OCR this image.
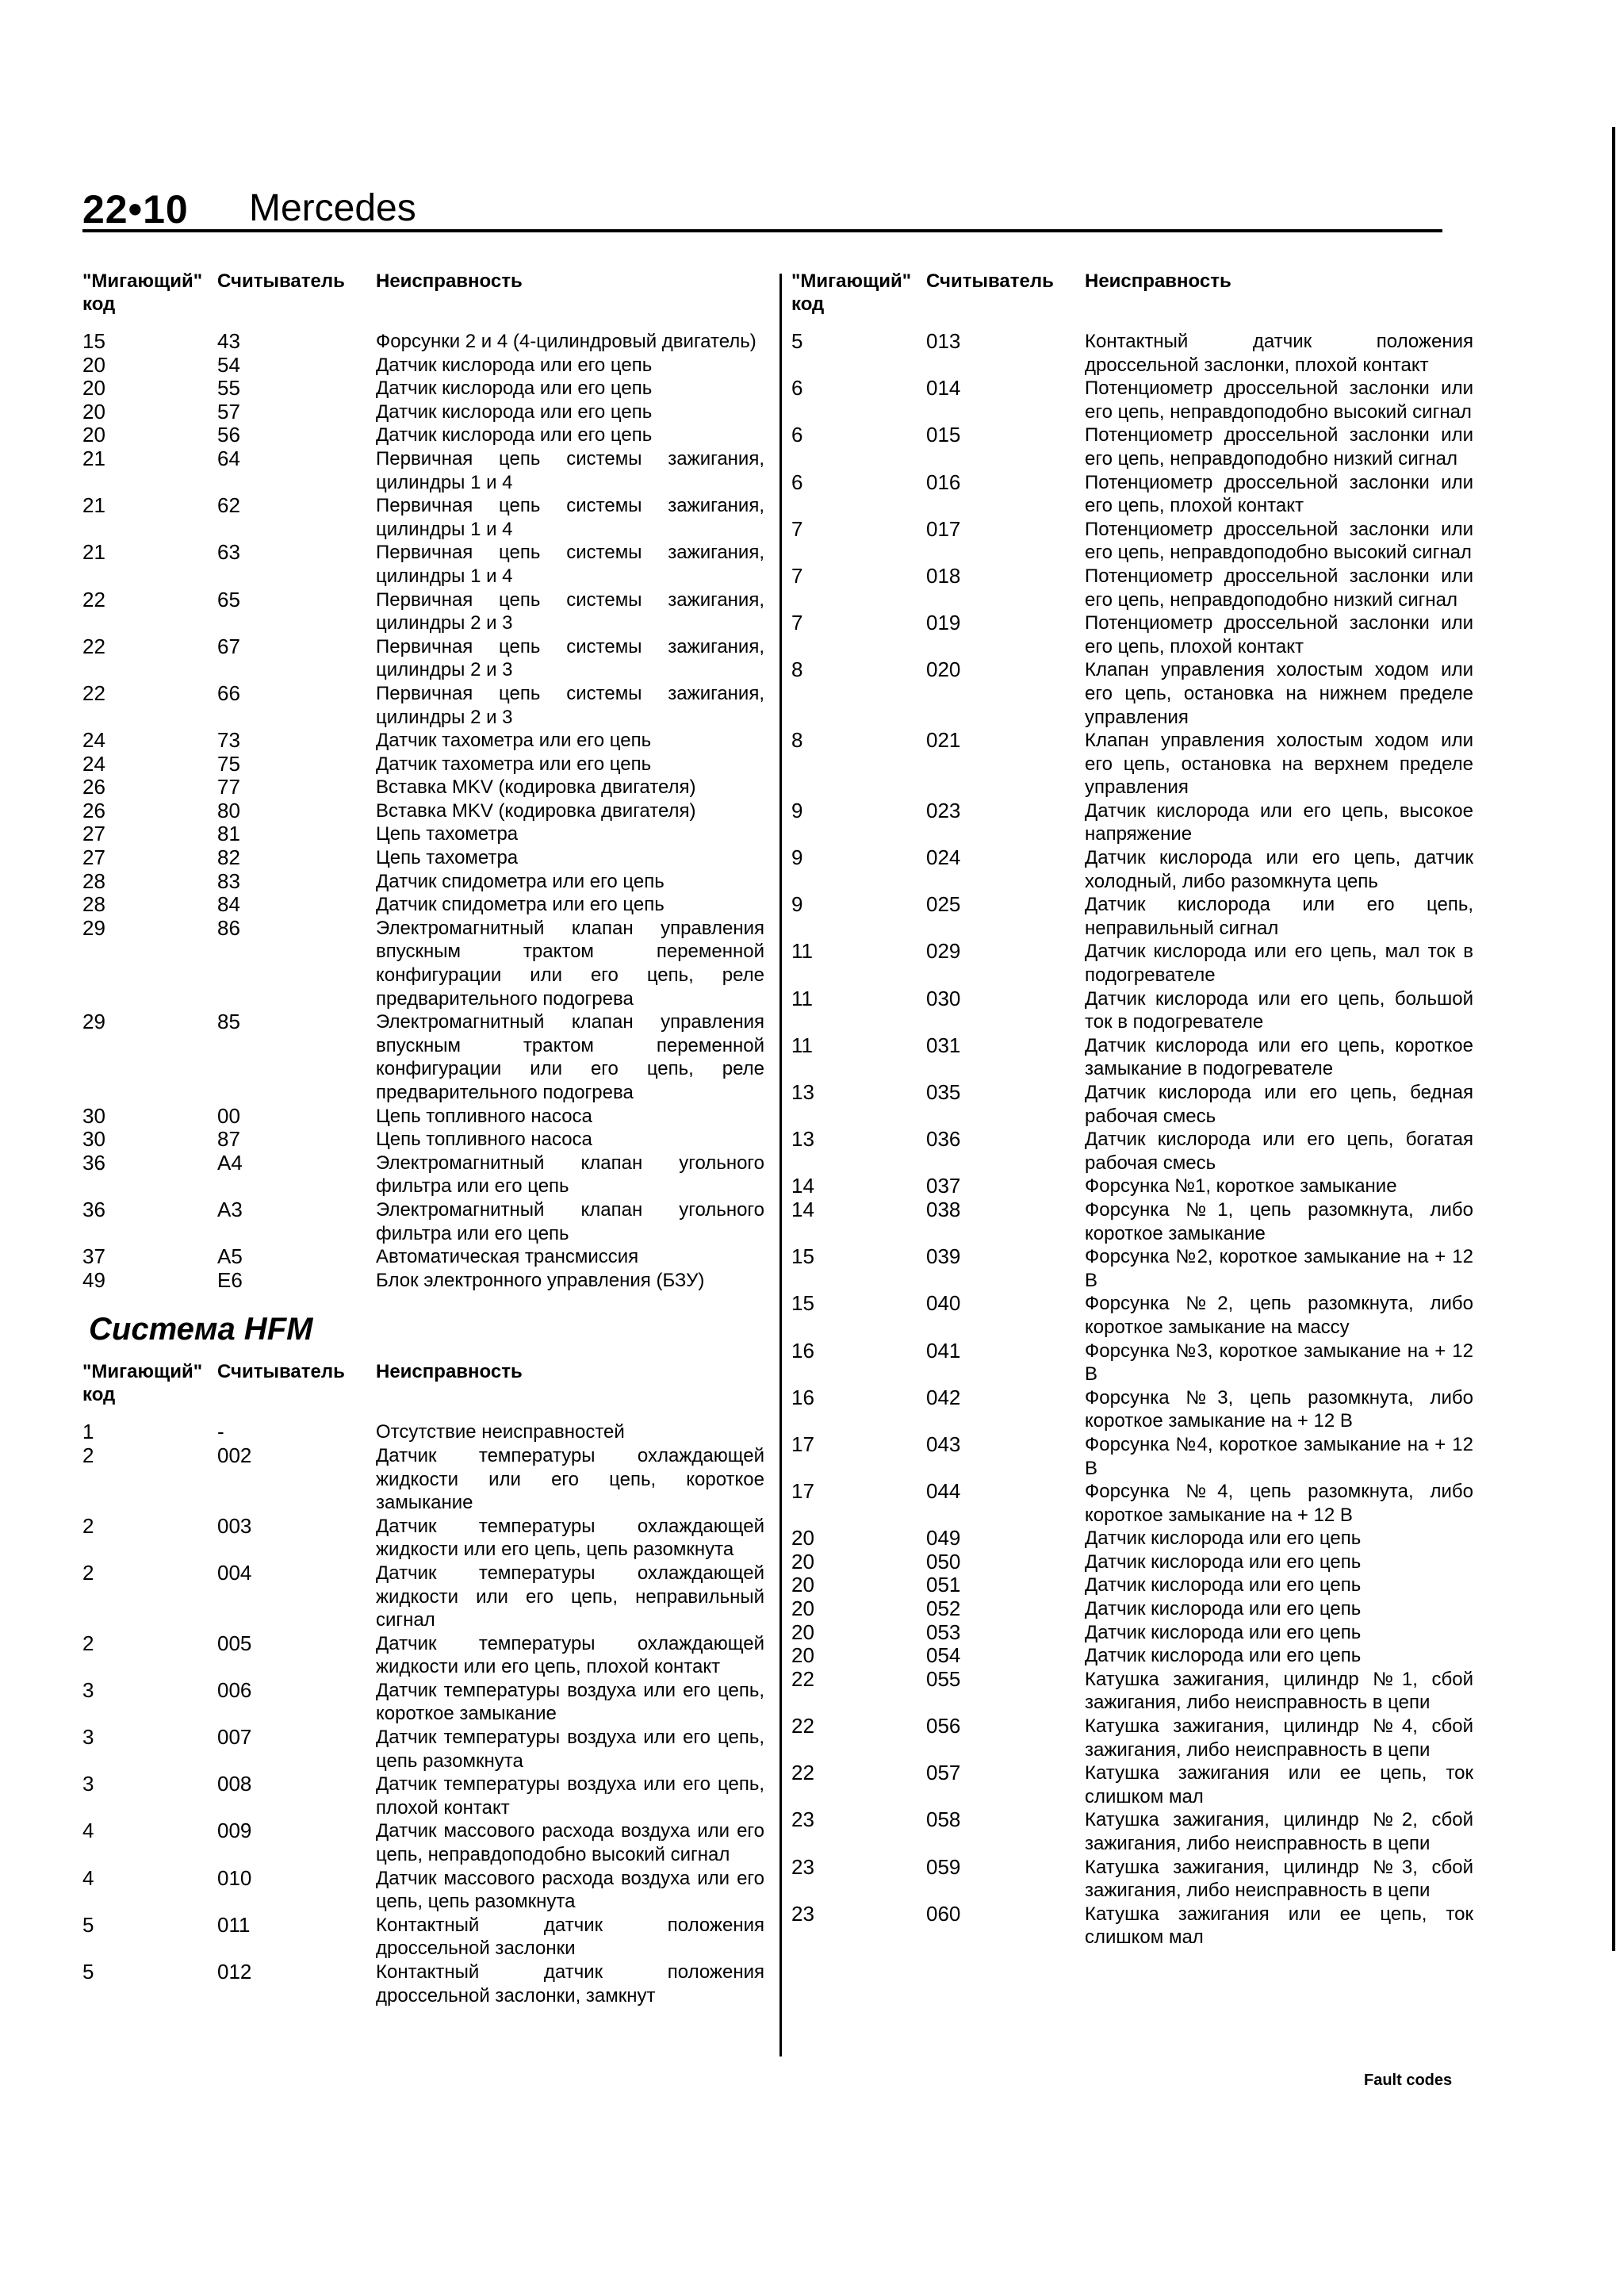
22•10 Mercedes
"Мигающий" код
Считыватель	Неисправность
15	43	Форсунки 2 и 4 (4-цилиндровый двигатель)
20	54	Датчик кислорода или его цепь
20	55	Датчик кислорода или его цепь
20	57	Датчик кислорода или его цепь
20	56	Датчик кислорода или его цепь
21	64	Первичная цепь системы зажигания, цилиндры 1 и 4
21	62	Первичная цепь системы зажигания, цилиндры 1 и 4
21	63	Первичная цепь системы зажигания, цилиндры 1 и 4
22	65	Первичная цепь системы зажигания, цилиндры 2 и 3
22	67	Первичная цепь системы зажигания, цилиндры 2 и 3
22	66	Первичная цепь системы зажигания, цилиндры 2 и 3
24	73	Датчик тахометра или его цепь
24	75	Датчик тахометра или его цепь
26	77	Вставка MKV (кодировка двигателя)
26	80	Вставка MKV (кодировка двигателя)
27	81	Цепь тахометра
27	82	Цепь тахометра
28	83	Датчик спидометра или его цепь
28	84	Датчик спидометра или его цепь
29	86	Электромагнитный клапан управления впускным трактом переменной конфигурации или его цепь, реле предварительного подогрева
29	85	Электромагнитный клапан управления впускным трактом переменной конфигурации или его цепь, реле предварительного подогрева
30	00	Цепь топливного насоса
30	87	Цепь топливного насоса
36	A4	Электромагнитный клапан угольного фильтра или его цепь
36	A3	Электромагнитный клапан угольного фильтра или его цепь
37	A5	Автоматическая трансмиссия
49	E6	Блок электронного управления (БЗУ)
Система HFM
"Мигающий" код
Считыватель	Неисправность
1	-	Отсутствие неисправностей
2	002	Датчик температуры охлаждающей жидкости или его цепь, короткое замыкание
2	003	Датчик температуры охлаждающей жидкости или его цепь, цепь разомкнута
2	004	Датчик температуры охлаждающей жидкости или его цепь, неправильный сигнал
2	005	Датчик температуры охлаждающей жидкости или его цепь, плохой контакт
3	006	Датчик температуры воздуха или его цепь, короткое замыкание
3	007	Датчик температуры воздуха или его цепь, цепь разомкнута
3	008	Датчик температуры воздуха или его цепь, плохой контакт
4	009	Датчик массового расхода воздуха или его цепь, неправдоподобно высокий сигнал
4	010	Датчик массового расхода воздуха или его цепь, цепь разомкнута
5	011	Контактный датчик положения дроссельной заслонки
5	012	Контактный датчик положения дроссельной заслонки, замкнут
"Мигающий" код
Считыватель	Неисправность
5	013	Контактный датчик положения дроссельной заслонки, плохой контакт
6	014	Потенциометр дроссельной заслонки или его цепь, неправдоподобно высокий сигнал
6	015	Потенциометр дроссельной заслонки или его цепь, неправдоподобно низкий сигнал
6	016	Потенциометр дроссельной заслонки или его цепь, плохой контакт
7	017	Потенциометр дроссельной заслонки или его цепь, неправдоподобно высокий сигнал
7	018	Потенциометр дроссельной заслонки или его цепь, неправдоподобно низкий сигнал
7	019	Потенциометр дроссельной заслонки или его цепь, плохой контакт
8	020	Клапан управления холостым ходом или его цепь, остановка на нижнем пределе управления
8	021	Клапан управления холостым ходом или его цепь, остановка на верхнем пределе управления
9	023	Датчик кислорода или его цепь, высокое напряжение
9	024	Датчик кислорода или его цепь, датчик холодный, либо разомкнута цепь
9	025	Датчик кислорода или его цепь, неправильный сигнал
11	029	Датчик кислорода или его цепь, мал ток в подогревателе
11	030	Датчик кислорода или его цепь, большой ток в подогревателе
11	031	Датчик кислорода или его цепь, короткое замыкание в подогревателе
13	035	Датчик кислорода или его цепь, бедная рабочая смесь
13	036	Датчик кислорода или его цепь, богатая рабочая смесь
14	037	Форсунка №1, короткое замыкание
14	038	Форсунка №1, цепь разомкнута, либо короткое замыкание
15	039	Форсунка №2, короткое замыкание на + 12 В
15	040	Форсунка №2, цепь разомкнута, либо короткое замыкание на массу
16	041	Форсунка №3, короткое замыкание на + 12 В
16	042	Форсунка №3, цепь разомкнута, либо короткое замыкание на + 12 В
17	043	Форсунка №4, короткое замыкание на + 12 В
17	044	Форсунка №4, цепь разомкнута, либо короткое замыкание на + 12 В
20	049	Датчик кислорода или его цепь
20	050	Датчик кислорода или его цепь
20	051	Датчик кислорода или его цепь
20	052	Датчик кислорода или его цепь
20	053	Датчик кислорода или его цепь
20	054	Датчик кислорода или его цепь
22	055	Катушка зажигания, цилиндр №1, сбой зажигания, либо неисправность в цепи
22	056	Катушка зажигания, цилиндр №4, сбой зажигания, либо неисправность в цепи
22	057	Катушка зажигания или ее цепь, ток слишком мал
23	058	Катушка зажигания, цилиндр №2, сбой зажигания, либо неисправность в цепи
23	059	Катушка зажигания, цилиндр №3, сбой зажигания, либо неисправность в цепи
23	060	Катушка зажигания или ее цепь, ток слишком мал
Fault codes
